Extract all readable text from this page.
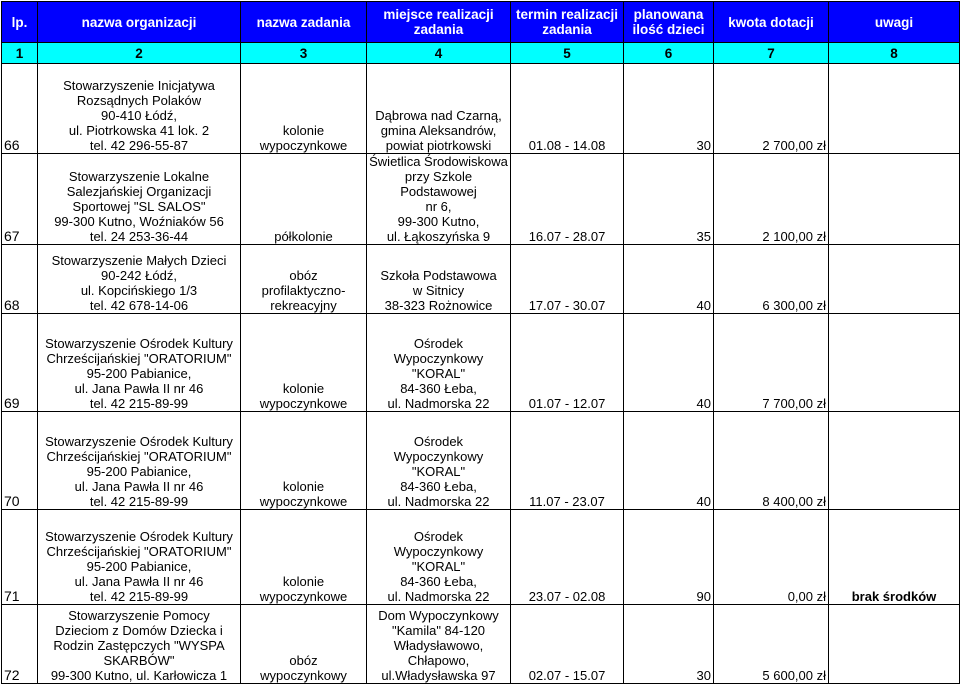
lp.	nazwa organizacji	nazwa zadania	miejsce realizacji zadania	termin realizacji zadania	planowana ilość dzieci	kwota dotacji	uwagi
1	2	3	4	5	6	7	8
66	Stowarzyszenie Inicjatywa
Rozsądnych Polaków
90-410 Łódź,
ul. Piotrkowska 41 lok. 2
tel. 42 296-55-87	kolonie
wypoczynkowe	Dąbrowa nad Czarną,
gmina Aleksandrów,
powiat piotrkowski	01.08 - 14.08	30	2 700,00 zł	
67	Stowarzyszenie Lokalne
Salezjańskiej Organizacji
Sportowej "SL SALOS"
99-300 Kutno, Woźniaków 56
tel. 24 253-36-44	półkolonie	Świetlica Środowiskowa
przy Szkole Podstawowej
nr 6,
99-300 Kutno,
ul. Łąkoszyńska 9	16.07 - 28.07	35	2 100,00 zł	
68	Stowarzyszenie Małych Dzieci
90-242 Łódź,
ul. Kopcińskiego 1/3
tel. 42 678-14-06	obóz
profilaktyczno-
rekreacyjny	Szkoła Podstawowa
w Sitnicy
38-323 Rożnowice	17.07 - 30.07	40	6 300,00 zł	
69	Stowarzyszenie Ośrodek Kultury
Chrześcijańskiej "ORATORIUM"
95-200 Pabianice,
ul. Jana Pawła II nr 46
tel. 42 215-89-99	kolonie
wypoczynkowe	Ośrodek Wypoczynkowy
"KORAL"
84-360 Łeba,
ul. Nadmorska 22	01.07 - 12.07	40	7 700,00 zł	
70	Stowarzyszenie Ośrodek Kultury
Chrześcijańskiej "ORATORIUM"
95-200 Pabianice,
ul. Jana Pawła II nr 46
tel. 42 215-89-99	kolonie
wypoczynkowe	Ośrodek Wypoczynkowy
"KORAL"
84-360 Łeba,
ul. Nadmorska 22	11.07 - 23.07	40	8 400,00 zł	
71	Stowarzyszenie Ośrodek Kultury
Chrześcijańskiej "ORATORIUM"
95-200 Pabianice,
ul. Jana Pawła II nr 46
tel. 42 215-89-99	kolonie
wypoczynkowe	Ośrodek Wypoczynkowy
"KORAL"
84-360 Łeba,
ul. Nadmorska 22	23.07 - 02.08	90	0,00 zł	brak środków
72	Stowarzyszenie Pomocy
Dzieciom z Domów Dziecka i
Rodzin Zastępczych "WYSPA
SKARBÓW"
99-300 Kutno, ul. Karłowicza 1	obóz
wypoczynkowy	Dom Wypoczynkowy
"Kamila" 84-120
Władysławowo,
Chłapowo,
ul.Władysławska 97	02.07 - 15.07	30	5 600,00 zł	
